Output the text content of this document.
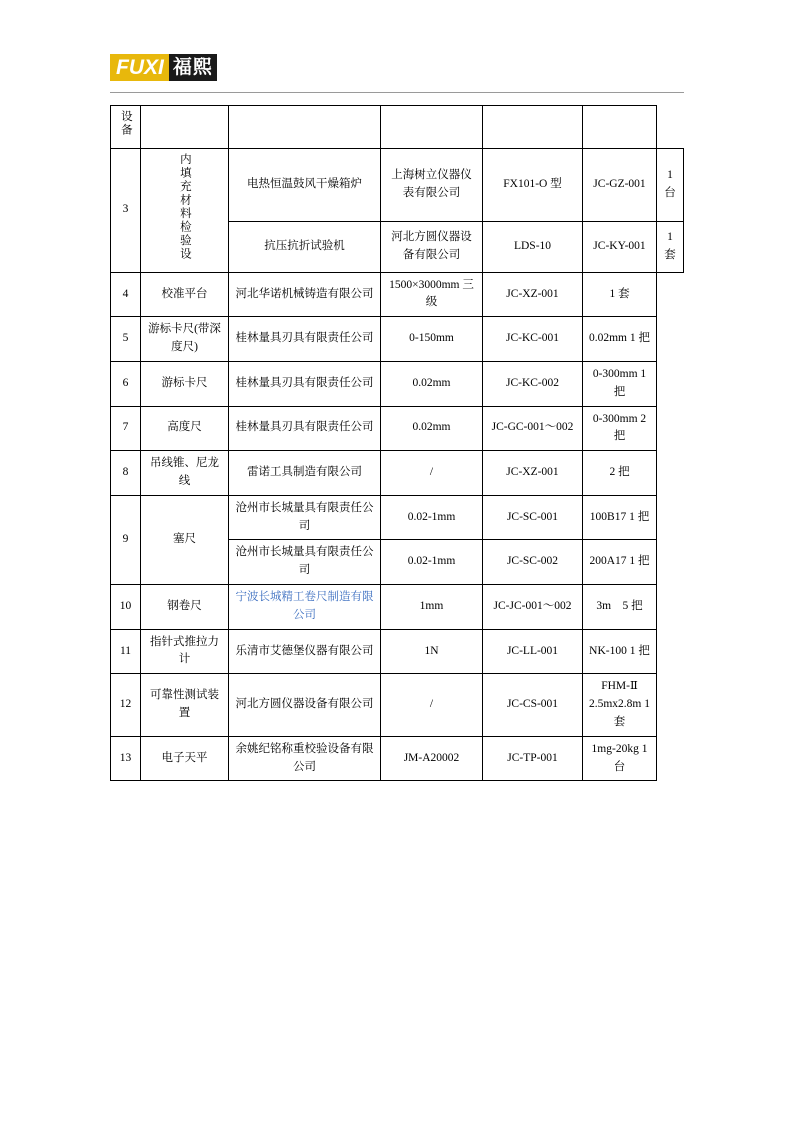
FUXI 福熙
设备						
3	内填充材料检验设	电热恒温鼓风干燥箱炉	上海树立仪器仪表有限公司	FX101-O 型	JC-GZ-001	1 台
		抗压抗折试验机	河北方圆仪器设备有限公司	LDS-10	JC-KY-001	1 套
4	校准平台	河北华诺机械铸造有限公司	1500×3000mm 三级	JC-XZ-001	1 套	
5	游标卡尺(带深度尺)	桂林量具刃具有限责任公司	0-150mm	JC-KC-001	0.02mm 1 把	
6	游标卡尺	桂林量具刃具有限责任公司	0.02mm	JC-KC-002	0-300mm 1 把	
7	高度尺	桂林量具刃具有限责任公司	0.02mm	JC-GC-001～002	0-300mm 2 把	
8	吊线锥、尼龙线	雷诺工具制造有限公司	/	JC-XZ-001	2 把	
9	塞尺	沧州市长城量具有限责任公司	0.02-1mm	JC-SC-001	100B17 1 把	
		沧州市长城量具有限责任公司	0.02-1mm	JC-SC-002	200A17 1 把	
10	钢卷尺	宁波长城精工卷尺制造有限公司	1mm	JC-JC-001～002	3m　5 把	
11	指针式推拉力计	乐清市艾德堡仪器有限公司	1N	JC-LL-001	NK-100 1 把	
12	可靠性测试装置	河北方圆仪器设备有限公司	/	JC-CS-001	FHM-Ⅱ 2.5mx2.8m 1 套	
13	电子天平	余姚纪铭称重校验设备有限公司	JM-A20002	JC-TP-001	1mg-20kg 1 台	
